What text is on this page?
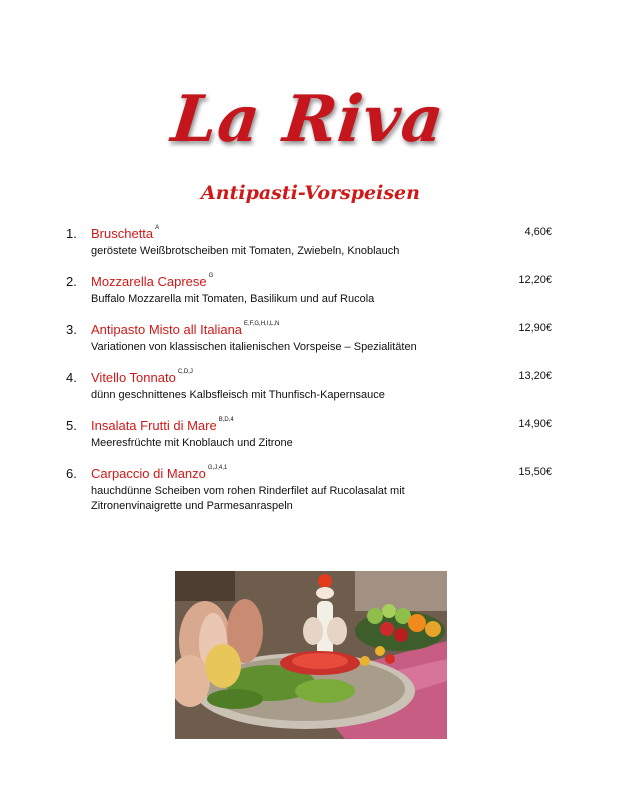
La Riva
Antipasti-Vorspeisen
1.	Bruschetta $^A$	4,60€
geröstete Weißbrotscheiben mit Tomaten, Zwiebeln, Knoblauch
2.	Mozzarella Caprese $^G$	12,20€
Buffalo Mozzarella mit Tomaten, Basilikum und auf Rucola
3.	Antipasto Misto all Italiana $^{E,F,G,H,I,L,N}$	12,90€
Variationen von klassischen italienischen Vorspeise – Spezialitäten
4.	Vitello Tonnato $^{C,D,J}$	13,20€
dünn geschnittenes Kalbsfleisch mit Thunfisch-Kapernsauce
5.	Insalata Frutti di Mare $^{B,D,4}$	14,90€
Meeresfrüchte mit Knoblauch und Zitrone
6.	Carpaccio di Manzo $^{G,J,4,1}$	15,50€
hauchdünne Scheiben vom rohen Rinderfilet auf Rucolasalat mit Zitronenvinaigrette und Parmesanraspeln
